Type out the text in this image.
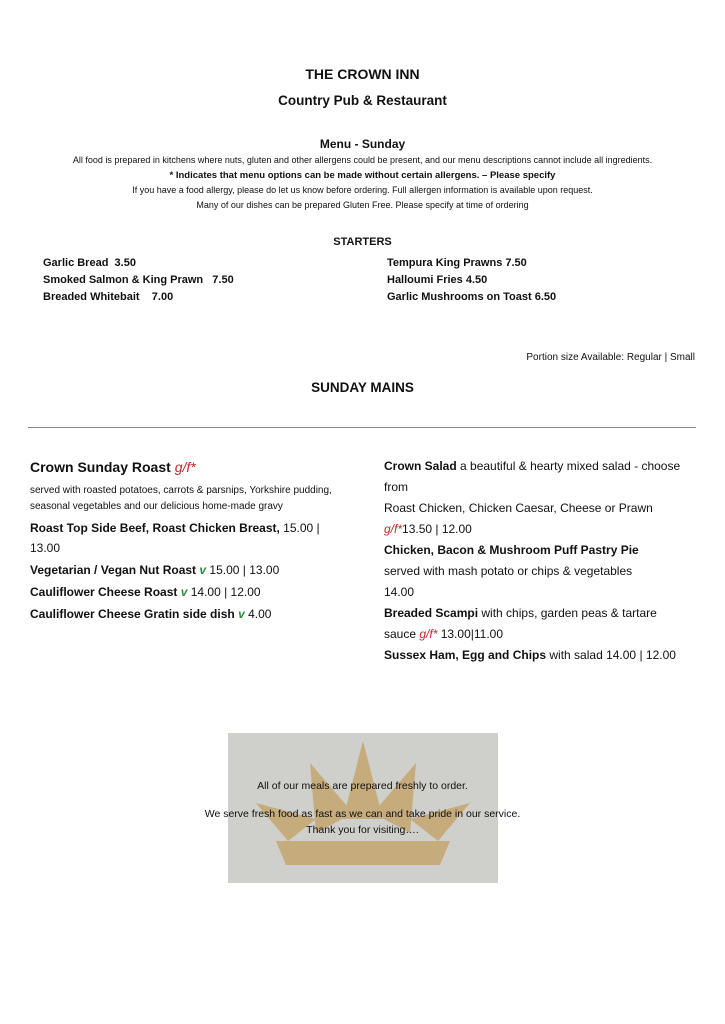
THE CROWN INN
Country Pub & Restaurant
Menu - Sunday
All food is prepared in kitchens where nuts, gluten and other allergens could be present, and our menu descriptions cannot include all ingredients.
* Indicates that menu options can be made without certain allergens. – Please specify
If you have a food allergy, please do let us know before ordering. Full allergen information is available upon request.
Many of our dishes can be prepared Gluten Free. Please specify at time of ordering
STARTERS
Garlic Bread  3.50
Smoked Salmon & King Prawn   7.50
Breaded Whitebait    7.00
Tempura King Prawns 7.50
Halloumi Fries 4.50
Garlic Mushrooms on Toast 6.50
Portion size Available: Regular | Small
SUNDAY MAINS
Crown Sunday Roast g/f*
served with roasted potatoes, carrots & parsnips, Yorkshire pudding, seasonal vegetables and our delicious home-made gravy
Roast Top Side Beef, Roast Chicken Breast, 15.00 | 13.00
Vegetarian / Vegan Nut Roast v 15.00 | 13.00
Cauliflower Cheese Roast v 14.00 | 12.00
Cauliflower Cheese Gratin side dish v 4.00
Crown Salad a beautiful & hearty mixed salad - choose from
Roast Chicken, Chicken Caesar, Cheese or Prawn
g/f*13.50 | 12.00
Chicken, Bacon & Mushroom Puff Pastry Pie
served with mash potato or chips & vegetables
14.00
Breaded Scampi with chips, garden peas & tartare sauce g/f* 13.00|11.00
Sussex Ham, Egg and Chips with salad 14.00 | 12.00
All of our meals are prepared freshly to order.
We serve fresh food as fast as we can and take pride in our service.
Thank you for visiting….
